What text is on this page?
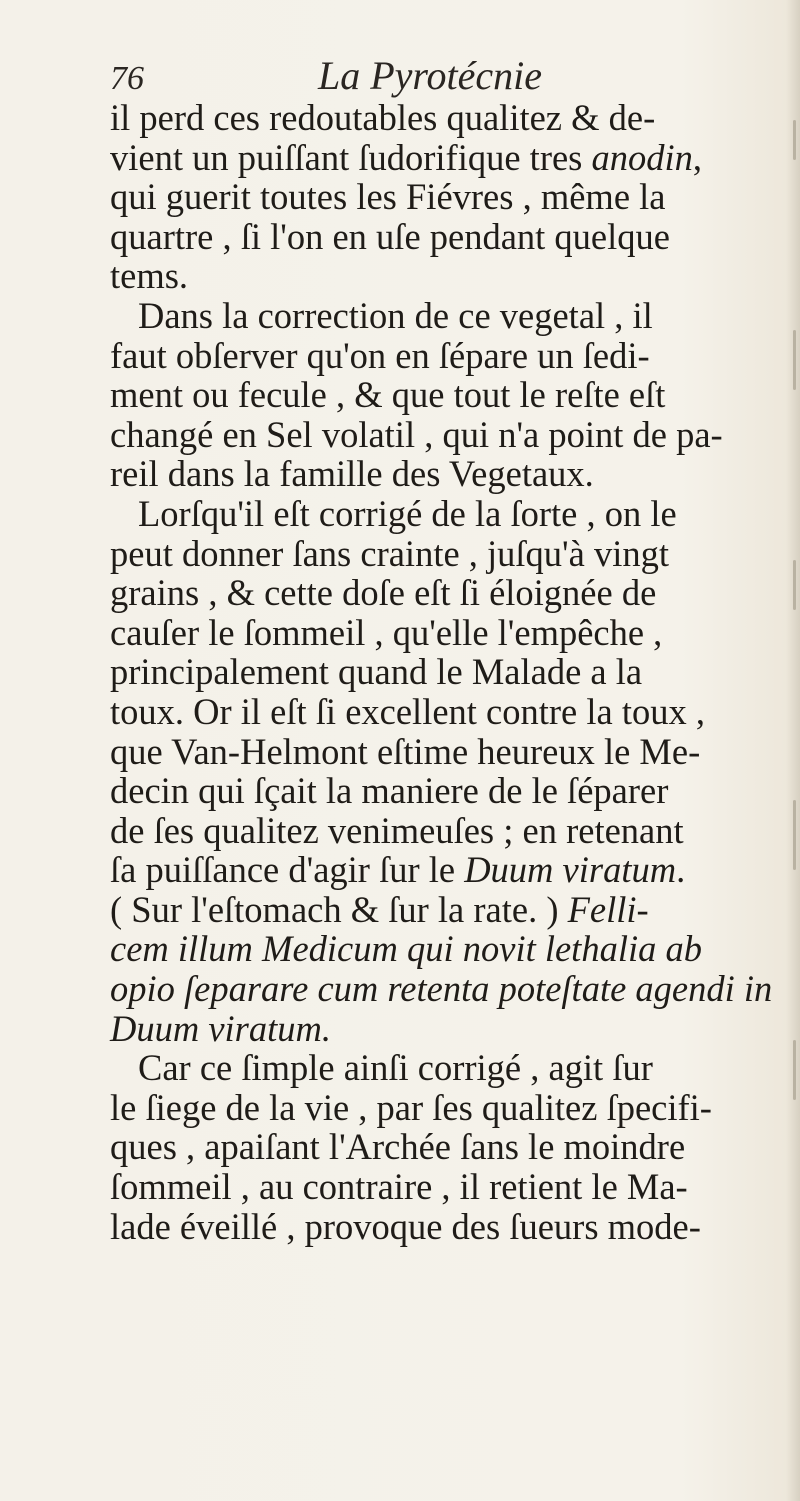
76	La Pyrotécnie
il perd ces redoutables qualitez & de-
vient un puiſſant ſudorifique tres anodin,
qui guerit toutes les Fiévres , même la
quartre , ſi l'on en uſe pendant quelque
tems.
Dans la correction de ce vegetal , il
faut obſerver qu'on en ſépare un ſedi-
ment ou fecule , & que tout le reſte eſt
changé en Sel volatil , qui n'a point de pa-
reil dans la famille des Vegetaux.
Lorſqu'il eſt corrigé de la ſorte , on le
peut donner ſans crainte , juſqu'à vingt
grains , & cette doſe eſt ſi éloignée de
cauſer le ſommeil , qu'elle l'empêche ,
principalement quand le Malade a la
toux. Or il eſt ſi excellent contre la toux ,
que Van-Helmont eſtime heureux le Me-
decin qui ſçait la maniere de le ſéparer
de ſes qualitez venimeuſes ; en retenant
ſa puiſſance d'agir ſur le Duum viratum.
( Sur l'eſtomach & ſur la rate. ) Felli-
cem illum Medicum qui novit lethalia ab
opio ſeparare cum retenta poteſtate agendi in
Duum viratum.
Car ce ſimple ainſi corrigé , agit ſur
le ſiege de la vie , par ſes qualitez ſpecifi-
ques , apaiſant l'Archée ſans le moindre
ſommeil , au contraire , il retient le Ma-
lade éveillé , provoque des ſueurs mode-
